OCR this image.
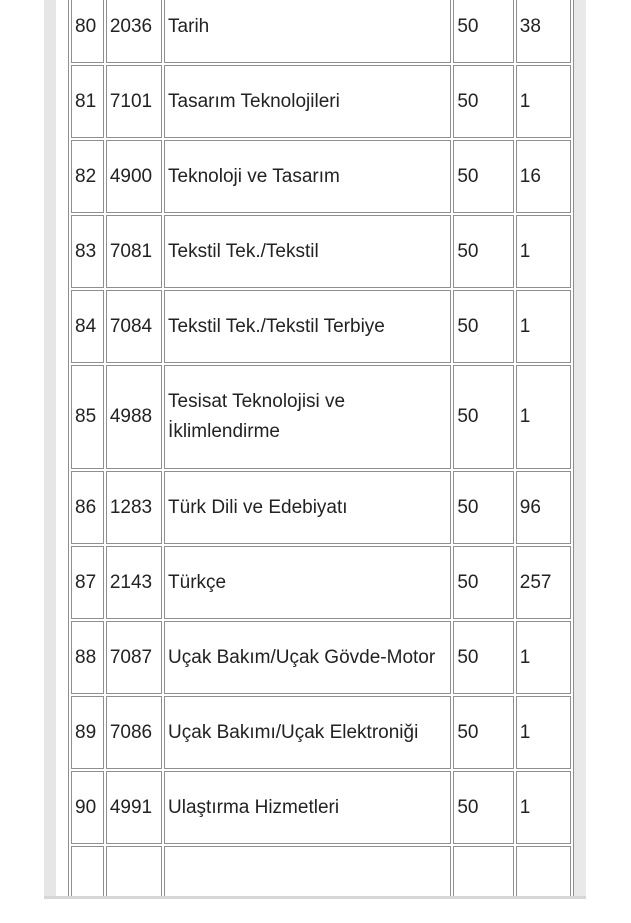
80	2036	Tarih	50	38
81	7101	Tasarım Teknolojileri	50	1
82	4900	Teknoloji ve Tasarım	50	16
83	7081	Tekstil Tek./Tekstil	50	1
84	7084	Tekstil Tek./Tekstil Terbiye	50	1
85	4988	Tesisat Teknolojisi ve İklimlendirme	50	1
86	1283	Türk Dili ve Edebiyatı	50	96
87	2143	Türkçe	50	257
88	7087	Uçak Bakım/Uçak Gövde-Motor	50	1
89	7086	Uçak Bakımı/Uçak Elektroniği	50	1
90	4991	Ulaştırma Hizmetleri	50	1
